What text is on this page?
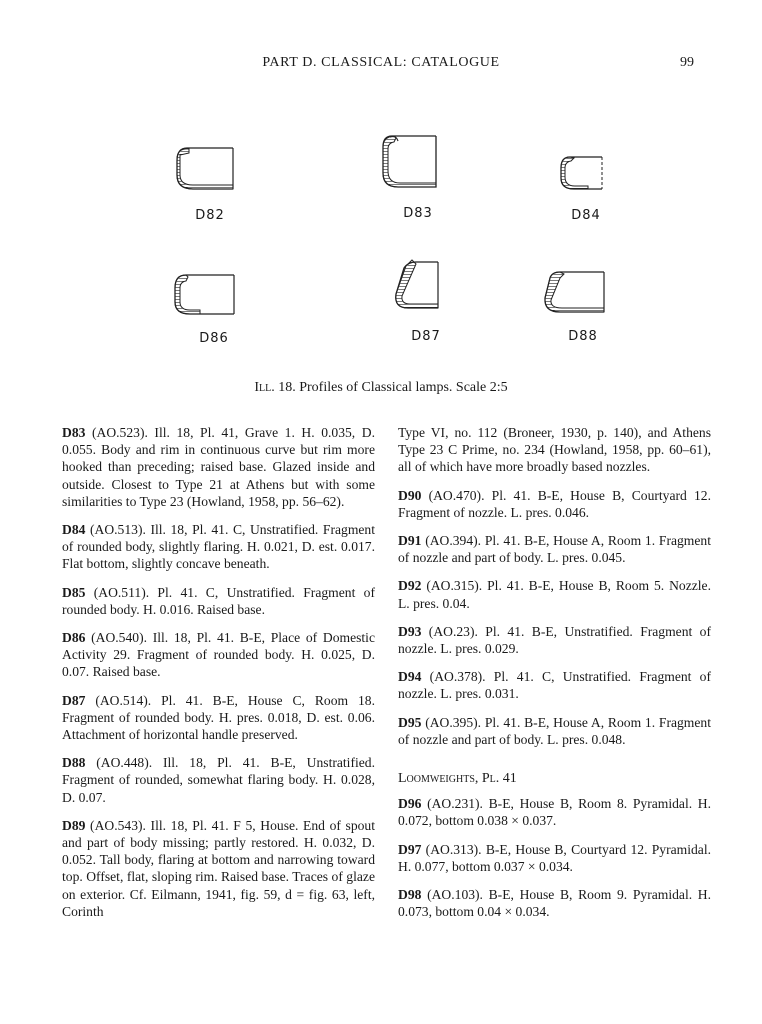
PART D. CLASSICAL: CATALOGUE	99
D82	D83	D84
D86	D87	D88
Ill. 18. Profiles of Classical lamps. Scale 2:5

D83 (AO.523). Ill. 18, Pl. 41, Grave 1. H. 0.035, D. 0.055. Body and rim in continuous curve but rim more hooked than preceding; raised base. Glazed inside and outside. Closest to Type 21 at Athens but with some similarities to Type 23 (Howland, 1958, pp. 56–62).

D84 (AO.513). Ill. 18, Pl. 41. C, Unstratified. Fragment of rounded body, slightly flaring. H. 0.021, D. est. 0.017. Flat bottom, slightly concave beneath.

D85 (AO.511). Pl. 41. C, Unstratified. Fragment of rounded body. H. 0.016. Raised base.

D86 (AO.540). Ill. 18, Pl. 41. B-E, Place of Domestic Activity 29. Fragment of rounded body. H. 0.025, D. 0.07. Raised base.

D87 (AO.514). Pl. 41. B-E, House C, Room 18. Fragment of rounded body. H. pres. 0.018, D. est. 0.06. Attachment of horizontal handle preserved.

D88 (AO.448). Ill. 18, Pl. 41. B-E, Unstratified. Fragment of rounded, somewhat flaring body. H. 0.028, D. 0.07.

D89 (AO.543). Ill. 18, Pl. 41. F 5, House. End of spout and part of body missing; partly restored. H. 0.032, D. 0.052. Tall body, flaring at bottom and narrowing toward top. Offset, flat, sloping rim. Raised base. Traces of glaze on exterior. Cf. Eilmann, 1941, fig. 59, d = fig. 63, left, Corinth

Type VI, no. 112 (Broneer, 1930, p. 140), and Athens Type 23 C Prime, no. 234 (Howland, 1958, pp. 60–61), all of which have more broadly based nozzles.

D90 (AO.470). Pl. 41. B-E, House B, Courtyard 12. Fragment of nozzle. L. pres. 0.046.

D91 (AO.394). Pl. 41. B-E, House A, Room 1. Fragment of nozzle and part of body. L. pres. 0.045.

D92 (AO.315). Pl. 41. B-E, House B, Room 5. Nozzle. L. pres. 0.04.

D93 (AO.23). Pl. 41. B-E, Unstratified. Fragment of nozzle. L. pres. 0.029.

D94 (AO.378). Pl. 41. C, Unstratified. Fragment of nozzle. L. pres. 0.031.

D95 (AO.395). Pl. 41. B-E, House A, Room 1. Fragment of nozzle and part of body. L. pres. 0.048.

Loomweights, Pl. 41

D96 (AO.231). B-E, House B, Room 8. Pyramidal. H. 0.072, bottom 0.038 × 0.037.

D97 (AO.313). B-E, House B, Courtyard 12. Pyramidal. H. 0.077, bottom 0.037 × 0.034.

D98 (AO.103). B-E, House B, Room 9. Pyramidal. H. 0.073, bottom 0.04 × 0.034.
